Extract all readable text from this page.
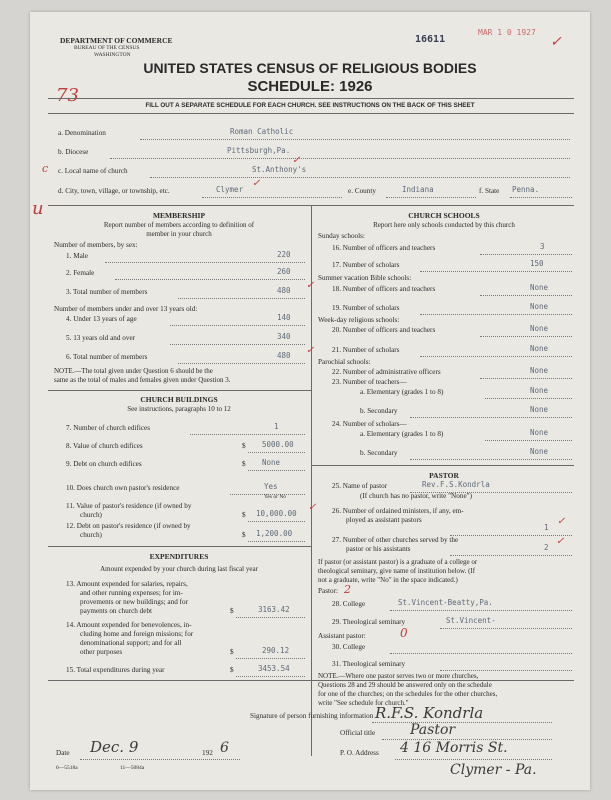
DEPARTMENT OF COMMERCE
BUREAU OF THE CENSUS
WASHINGTON
16611
MAR 1 0 1927
✓
UNITED STATES CENSUS OF RELIGIOUS BODIES
SCHEDULE: 1926
73	FILL OUT A SEPARATE SCHEDULE FOR EACH CHURCH. SEE INSTRUCTIONS ON THE BACK OF THIS SHEET
a. Denomination	Roman Catholic
b. Diocese	Pittsburgh,Pa.
c c. Local name of church	St.Anthony's
✓
u
d. City, town, village, or township, etc.	Clymer
✓
e. County	Indiana	f. State Penna.
MEMBERSHIP
Report number of members according to definition of
member in your church
Number of members, by sex:
1. Male	220
2. Female	260
3. Total number of members	480 ✓
Number of members under and over 13 years old:
4. Under 13 years of age	140
5. 13 years old and over	340
6. Total number of members	480 ✓
NOTE.—The total given under Question 6 should be the
same as the total of males and females given under Question 3.
CHURCH BUILDINGS
See instructions, paragraphs 10 to 12
7. Number of church edifices	1
8. Value of church edifices	$ 5000.00
9. Debt on church edifices	$ None
10. Does church own pastor's residence	Yes
Yes or No
11. Value of pastor's residence (if owned by
church)	$ 10,000.00
✓
12. Debt on pastor's residence (if owned by
church)	$ 1,200.00
EXPENDITURES
Amount expended by your church during last fiscal year
13. Amount expended for salaries, repairs,
and other running expenses; for im-
provements or new buildings; and for
payments on church debt	$	3163.42
14. Amount expended for benevolences, in-
cluding home and foreign missions; for
denominational support; and for all
other purposes	$	290.12
15. Total expenditures during year	$	3453.54
CHURCH SCHOOLS
Report here only schools conducted by this church
Sunday schools:
16. Number of officers and teachers	3
17. Number of scholars	150
Summer vacation Bible schools:
18. Number of officers and teachers	None
19. Number of scholars	None
Week-day religious schools:
20. Number of officers and teachers	None
21. Number of scholars	None
Parochial schools:
22. Number of administrative officers	None
23. Number of teachers—
a. Elementary (grades 1 to 8)	None
b. Secondary	None
24. Number of scholars—
a. Elementary (grades 1 to 8)	None
b. Secondary	None
PASTOR
25. Name of pastor	Rev.F.S.Kondrla
(If church has no pastor, write "None")
26. Number of ordained ministers, if any, em-
ployed as assistant pastors
1
✓
27. Number of other churches served by the
pastor or his assistants	2
✓
If pastor (or assistant pastor) is a graduate of a college or
theological seminary, give name of institution below. (If
not a graduate, write "No" in the space indicated.)
Pastor: 2
28. College	St.Vincent-Beatty,Pa.
29. Theological seminary	St.Vincent-
Assistant pastor:	0
30. College
31. Theological seminary
NOTE.—Where one pastor serves two or more churches,
Questions 28 and 29 should be answered only on the schedule
for one of the churches; on the schedules for the other churches,
write "See schedule for church."
Signature of person furnishing information R.F.S. Kondrla
Official title Pastor
Date Dec. 9	192 6	P. O. Address 4 16 Morris St.
Clymer - Pa.
6—5518a	11—5084a
